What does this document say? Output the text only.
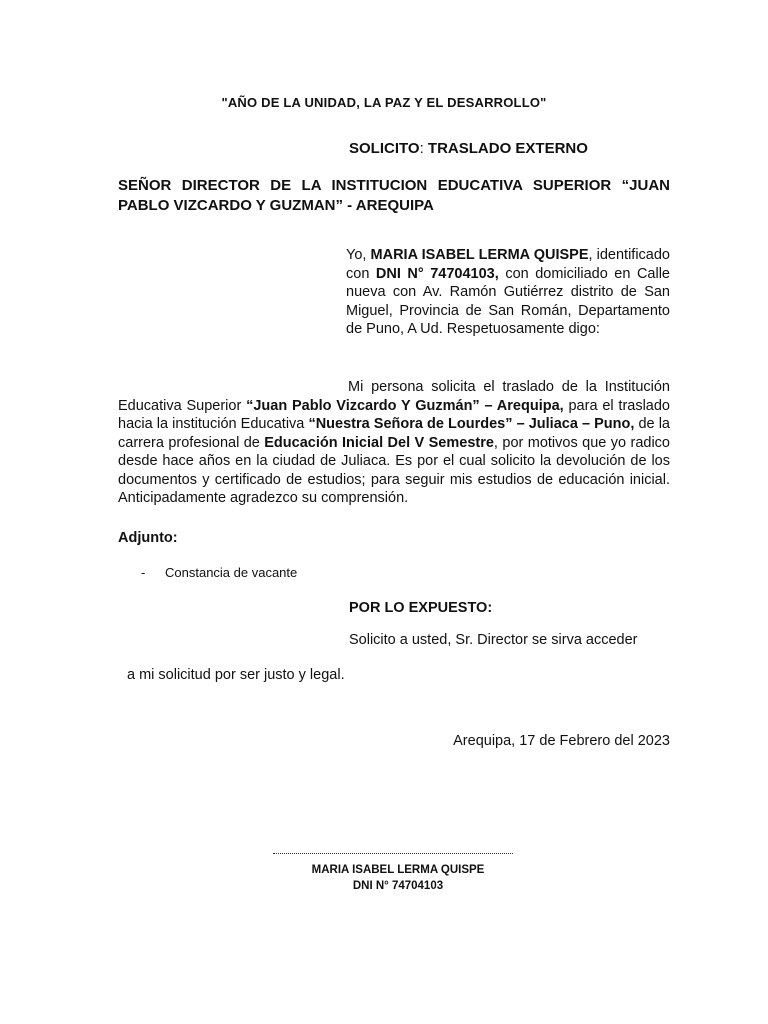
"AÑO DE LA UNIDAD, LA PAZ Y EL DESARROLLO"
SOLICITO: TRASLADO EXTERNO
SEÑOR DIRECTOR DE LA INSTITUCION EDUCATIVA SUPERIOR “JUAN PABLO VIZCARDO Y GUZMAN” - AREQUIPA
Yo, MARIA ISABEL LERMA QUISPE, identificado con DNI N° 74704103, con domiciliado en Calle nueva con Av. Ramón Gutiérrez distrito de San Miguel, Provincia de San Román, Departamento de Puno, A Ud. Respetuosamente digo:
Mi persona solicita el traslado de la Institución Educativa Superior “Juan Pablo Vizcardo Y Guzmán” – Arequipa, para el traslado hacia la institución Educativa “Nuestra Señora de Lourdes” – Juliaca – Puno, de la carrera profesional de Educación Inicial Del V Semestre, por motivos que yo radico desde hace años en la ciudad de Juliaca. Es por el cual solicito la devolución de los documentos y certificado de estudios; para seguir mis estudios de educación inicial. Anticipadamente agradezco su comprensión.
Adjunto:
- Constancia de vacante
POR LO EXPUESTO:
Solicito a usted, Sr. Director se sirva acceder
a mi solicitud por ser justo y legal.
Arequipa, 17 de Febrero del 2023
MARIA ISABEL LERMA QUISPE
DNI N° 74704103
